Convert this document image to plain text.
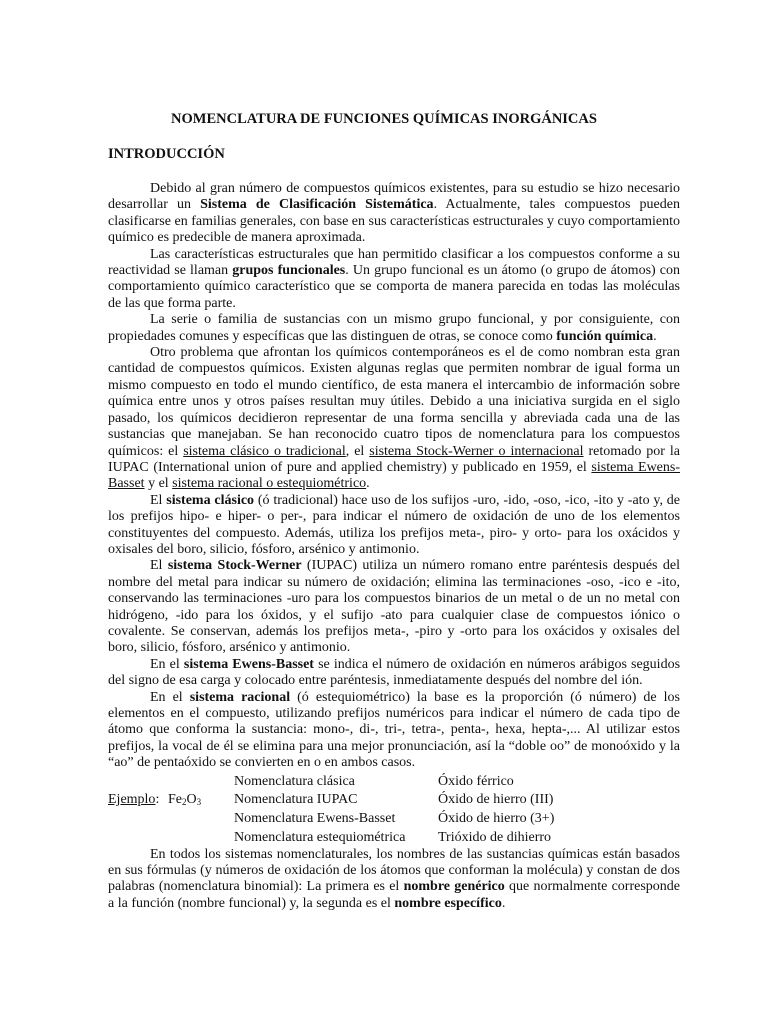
NOMENCLATURA DE FUNCIONES QUÍMICAS INORGÁNICAS
INTRODUCCIÓN

Debido al gran número de compuestos químicos existentes, para su estudio se hizo necesario desarrollar un Sistema de Clasificación Sistemática. Actualmente, tales compuestos pueden clasificarse en familias generales, con base en sus características estructurales y cuyo comportamiento químico es predecible de manera aproximada.

Las características estructurales que han permitido clasificar a los compuestos conforme a su reactividad se llaman grupos funcionales. Un grupo funcional es un átomo (o grupo de átomos) con comportamiento químico característico que se comporta de manera parecida en todas las moléculas de las que forma parte.

La serie o familia de sustancias con un mismo grupo funcional, y por consiguiente, con propiedades comunes y específicas que las distinguen de otras, se conoce como función química.

Otro problema que afrontan los químicos contemporáneos es el de como nombran esta gran cantidad de compuestos químicos. Existen algunas reglas que permiten nombrar de igual forma un mismo compuesto en todo el mundo científico, de esta manera el intercambio de información sobre química entre unos y otros países resultan muy útiles. Debido a una iniciativa surgida en el siglo pasado, los químicos decidieron representar de una forma sencilla y abreviada cada una de las sustancias que manejaban. Se han reconocido cuatro tipos de nomenclatura para los compuestos químicos: el sistema clásico o tradicional, el sistema Stock-Werner o internacional retomado por la IUPAC (International union of pure and applied chemistry) y publicado en 1959, el sistema Ewens-Basset y el sistema racional o estequiométrico.

El sistema clásico (ó tradicional) hace uso de los sufijos -uro, -ido, -oso, -ico, -ito y -ato y, de los prefijos hipo- e hiper- o per-, para indicar el número de oxidación de uno de los elementos constituyentes del compuesto. Además, utiliza los prefijos meta-, piro- y orto- para los oxácidos y oxisales del boro, silicio, fósforo, arsénico y antimonio.

El sistema Stock-Werner (IUPAC) utiliza un número romano entre paréntesis después del nombre del metal para indicar su número de oxidación; elimina las terminaciones -oso, -ico e -ito, conservando las terminaciones -uro para los compuestos binarios de un metal o de un no metal con hidrógeno, -ido para los óxidos, y el sufijo -ato para cualquier clase de compuestos iónico o covalente. Se conservan, además los prefijos meta-, -piro y -orto para los oxácidos y oxisales del boro, silicio, fósforo, arsénico y antimonio.

En el sistema Ewens-Basset se indica el número de oxidación en números arábigos seguidos del signo de esa carga y colocado entre paréntesis, inmediatamente después del nombre del ión.

En el sistema racional (ó estequiométrico) la base es la proporción (ó número) de los elementos en el compuesto, utilizando prefijos numéricos para indicar el número de cada tipo de átomo que conforma la sustancia: mono-, di-, tri-, tetra-, penta-, hexa, hepta-,... Al utilizar estos prefijos, la vocal de él se elimina para una mejor pronunciación, así la “doble oo” de monoóxido y la “ao” de pentaóxido se convierten en o en ambos casos.

Ejemplo: $Fe_2O_3$
Nomenclatura clásica	Óxido férrico
Nomenclatura IUPAC	Óxido de hierro (III)
Nomenclatura Ewens-Basset	Óxido de hierro (3+)
Nomenclatura estequiométrica	Trióxido de dihierro

En todos los sistemas nomenclaturales, los nombres de las sustancias químicas están basados en sus fórmulas (y números de oxidación de los átomos que conforman la molécula) y constan de dos palabras (nomenclatura binomial): La primera es el nombre genérico que normalmente corresponde a la función (nombre funcional) y, la segunda es el nombre específico.
